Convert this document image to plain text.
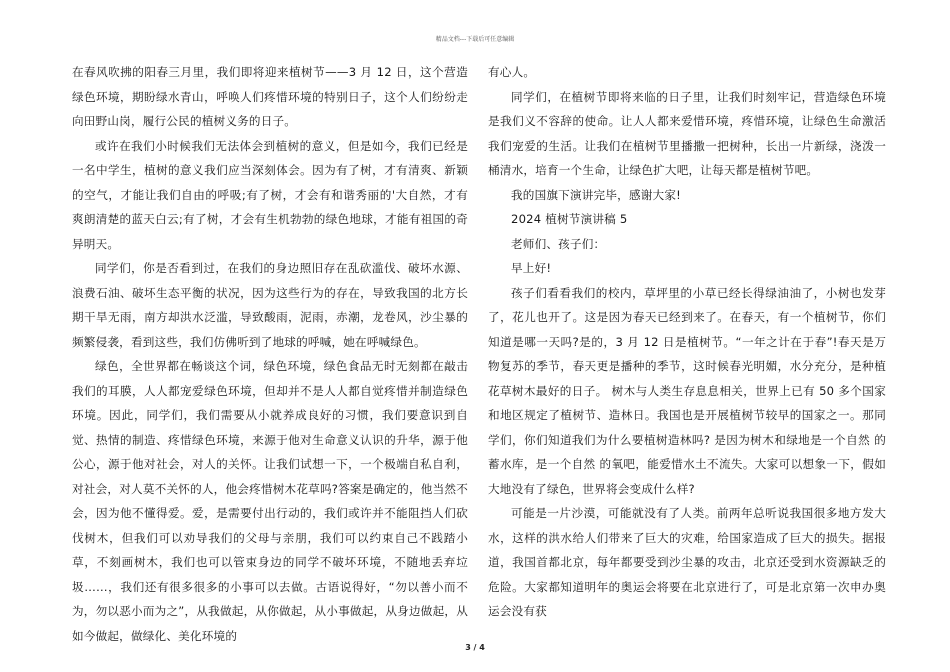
精品文档---下载后可任意编辑

在春风吹拂的阳春三月里，我们即将迎来植树节——3 月 12 日，这个营造绿色环境，期盼绿水青山，呼唤人们疼惜环境的特别日子，这个人们纷纷走向田野山岗，履行公民的植树义务的日子。

或许在我们小时候我们无法体会到植树的意义，但是如今，我们已经是一名中学生，植树的意义我们应当深刻体会。因为有了树，才有清爽、新颖的空气，才能让我们自由的呼吸;有了树，才会有和谐秀丽的'大自然，才有爽朗清楚的蓝天白云;有了树，才会有生机勃勃的绿色地球，才能有祖国的奇异明天。

同学们，你是否看到过，在我们的身边照旧存在乱砍滥伐、破坏水源、浪费石油、破坏生态平衡的状况，因为这些行为的存在，导致我国的北方长期干旱无雨，南方却洪水泛滥，导致酸雨，泥雨，赤潮，龙卷风，沙尘暴的频繁侵袭，看到这些，我们仿佛听到了地球的呼喊，她在呼喊绿色。

绿色，全世界都在畅谈这个词，绿色环境，绿色食品无时无刻都在敲击我们的耳膜，人人都宠爱绿色环境，但却并不是人人都自觉疼惜并制造绿色环境。因此，同学们，我们需要从小就养成良好的习惯，我们要意识到自觉、热情的制造、疼惜绿色环境，来源于他对生命意义认识的升华，源于他公心，源于他对社会，对人的关怀。让我们试想一下，一个极端自私自利，对社会，对人莫不关怀的人，他会疼惜树木花草吗?答案是确定的，他当然不会，因为他不懂得爱。爱，是需要付出行动的，我们或许并不能阻挡人们砍伐树木，但我们可以劝导我们的父母与亲朋，我们可以约束自己不践踏小草，不刻画树木，我们也可以管束身边的同学不破坏环境，不随地丢弃垃圾……，我们还有很多很多的小事可以去做。古语说得好，“勿以善小而不为，勿以恶小而为之”，从我做起，从你做起，从小事做起，从身边做起，从如今做起，做绿化、美化环境的

有心人。

同学们，在植树节即将来临的日子里，让我们时刻牢记，营造绿色环境是我们义不容辞的使命。让人人都来爱惜环境，疼惜环境，让绿色生命激活我们宠爱的生活。让我们在植树节里播撒一把树种，长出一片新绿，浇泼一桶清水，培育一个生命，让绿色扩大吧，让每天都是植树节吧。

我的国旗下演讲完毕，感谢大家!

2024 植树节演讲稿 5

老师们、孩子们：

早上好!

孩子们看看我们的校内，草坪里的小草已经长得绿油油了，小树也发芽了，花儿也开了。这是因为春天已经到来了。在春天，有一个植树节，你们知道是哪一天吗?是的，3 月 12 日是植树节。“一年之计在于春”!春天是万物复苏的季节，春天更是播种的季节，这时候春光明媚，水分充分，是种植花草树木最好的日子。 树木与人类生存息息相关，世界上已有 50 多个国家和地区规定了植树节、造林日。我国也是开展植树节较早的国家之一。那同学们，你们知道我们为什么要植树造林吗? 是因为树木和绿地是一个自然 的蓄水库，是一个自然 的氧吧，能爱惜水土不流失。大家可以想象一下，假如大地没有了绿色，世界将会变成什么样?

可能是一片沙漠，可能就没有了人类。前两年总听说我国很多地方发大水，这样的洪水给人们带来了巨大的灾难，给国家造成了巨大的损失。据报道，我国首都北京，每年都要受到沙尘暴的攻击，北京还受到水资源缺乏的危险。大家都知道明年的奥运会将要在北京进行了，可是北京第一次申办奥运会没有获

3 / 4
